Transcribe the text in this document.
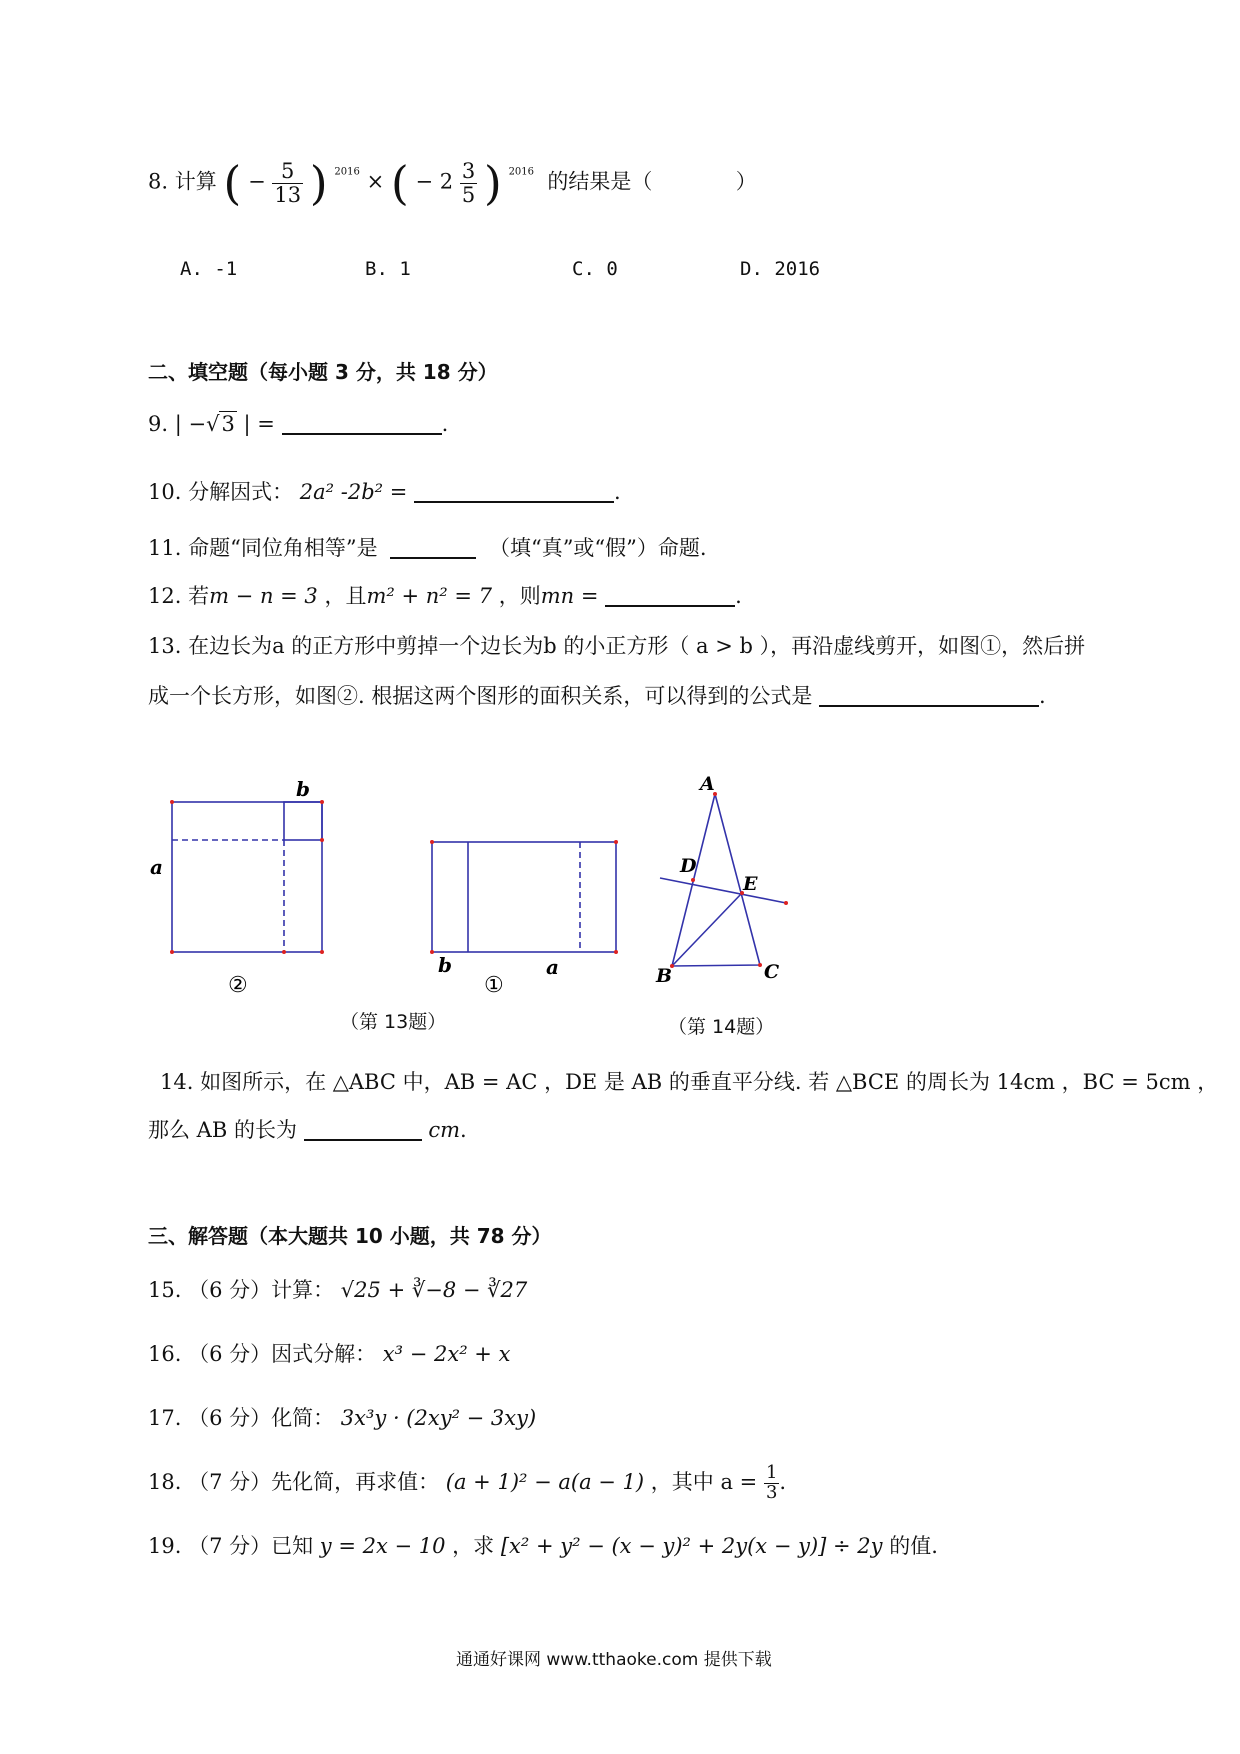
8. 计算 ( − $\frac{5}{13}$ ) $^{2016}$ × ( − $2 \frac{3}{5}$ ) $^{2016}$ 的结果是（	）
A. -1	B. 1	C. 0	D. 2016
二、填空题（每小题 3 分，共 18 分）
9. | −√3 | =	.
10. 分解因式： 2a² -2b² =	.
11. 命题“同位角相等”是	（填“真”或“假”）命题.
12. 若m − n = 3 ，且m² + n² = 7 ，则mn =	.
13. 在边长为a 的正方形中剪掉一个边长为b 的小正方形（ a > b ），再沿虚线剪开，如图①，然后拼
成一个长方形，如图②. 根据这两个图形的面积关系，可以得到的公式是	.
b
a
②
b	a
①
A
B	C
D
E
（第 13题）	（第 14题）
14. 如图所示，在 △ABC 中，AB = AC ，DE 是 AB 的垂直平分线. 若 △BCE 的周长为 14cm ，BC = 5cm ，
那么 AB 的长为	cm.
三、解答题（本大题共 10 小题，共 78 分）
15. （6 分）计算： √25 + ∛−8 − ∛27
16. （6 分）因式分解： x³ − 2x² + x
17. （6 分）化简： 3x³y · (2xy² − 3xy)
18. （7 分）先化简，再求值： (a + 1)² − a(a − 1) ，其中 $a = \frac{1}{3}$ .
19. （7 分）已知 y = 2x − 10 ，求 [x² + y² − (x − y)² + 2y(x − y)] ÷ 2y 的值.
通通好课网 www.tthaoke.com 提供下载
